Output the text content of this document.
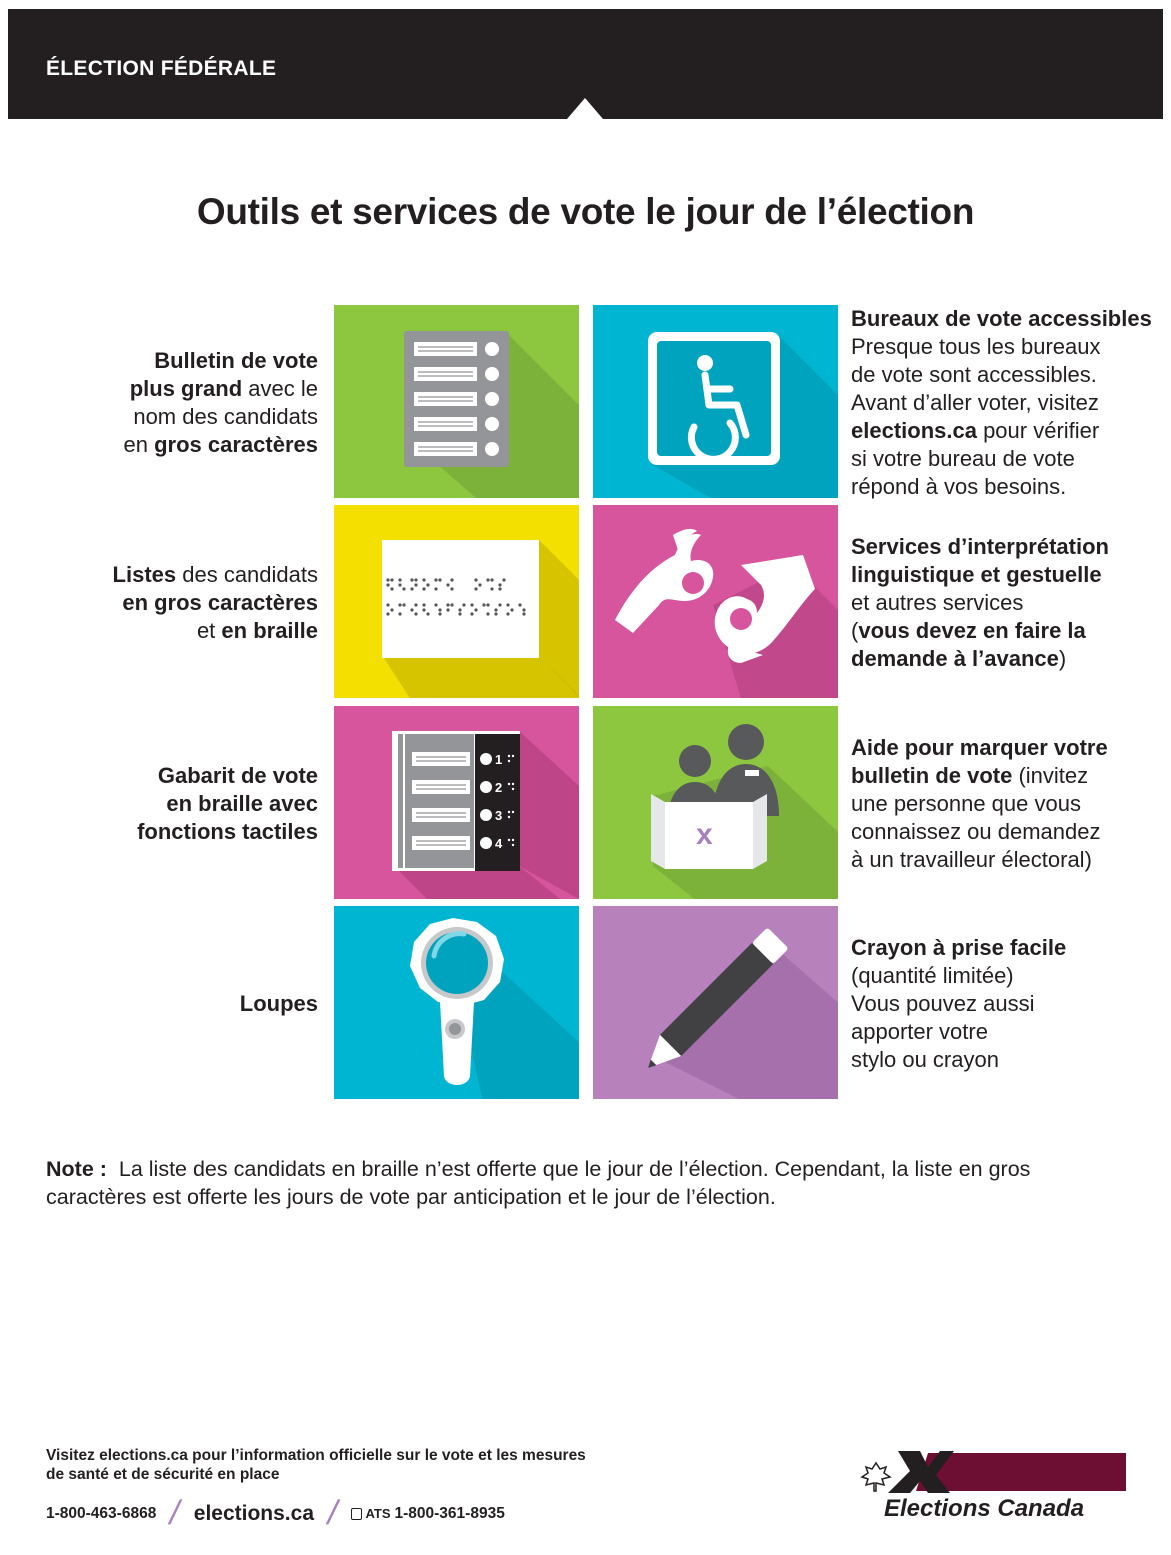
ÉLECTION FÉDÉRALE
Outils et services de vote le jour de l’élection
1
2
3
4	x
Bulletin de vote
plus grand avec le
nom des candidats
en gros caractères
Listes des candidats
en gros caractères
et en braille
Gabarit de vote
en braille avec
fonctions tactiles
Loupes
Bureaux de vote accessibles
Presque tous les bureaux
de vote sont accessibles.
Avant d’aller voter, visitez
elections.ca pour vérifier
si votre bureau de vote
répond à vos besoins.
Services d’interprétation
linguistique et gestuelle
et autres services
(vous devez en faire la
demande à l’avance)
Aide pour marquer votre
bulletin de vote (invitez
une personne que vous
connaissez ou demandez
à un travailleur électoral)
Crayon à prise facile
(quantité limitée)
Vous pouvez aussi
apporter votre
stylo ou crayon
Note : La liste des candidats en braille n’est offerte que le jour de l’élection. Cependant, la liste en gros caractères est offerte les jours de vote par anticipation et le jour de l’élection.
Visitez elections.ca pour l’information officielle sur le vote et les mesures
de santé et de sécurité en place
1-800-463-6868 / elections.ca / ATS 1-800-361-8935	Elections Canada
